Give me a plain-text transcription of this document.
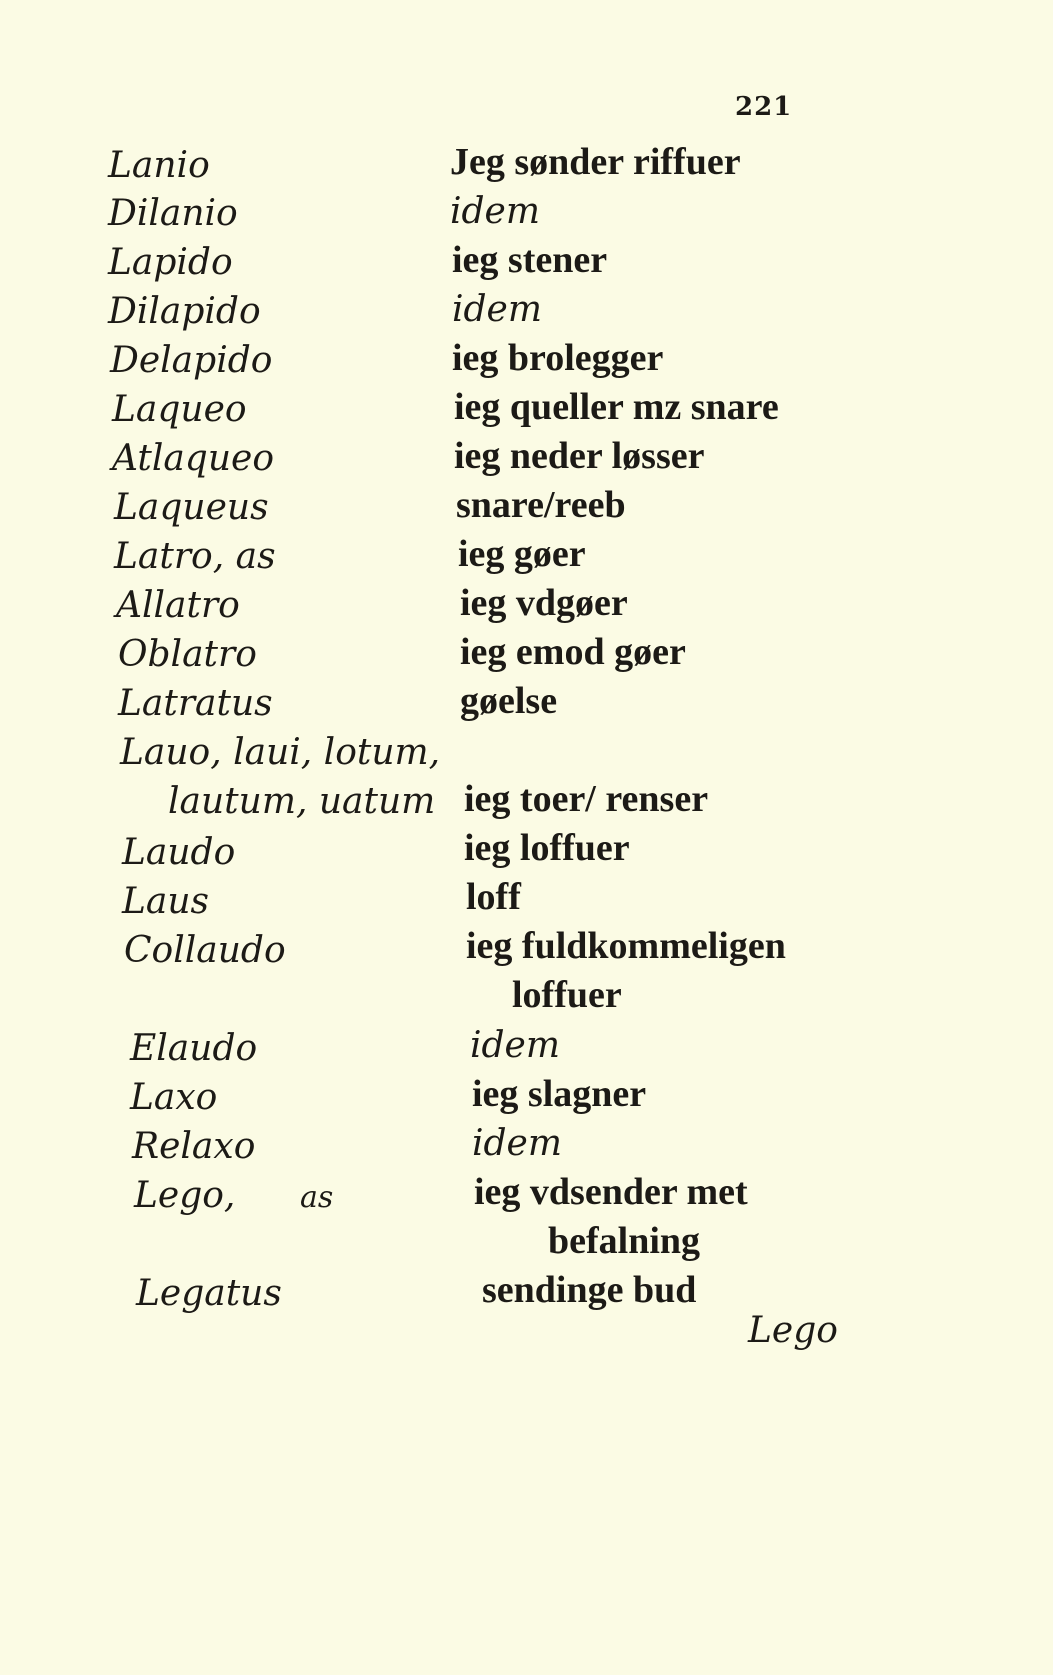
221
Lanio
Dilanio
Lapido
Dilapido
Delapido
Laqueo
Atlaqueo
Laqueus
Latro, as
Allatro
Oblatro
Latratus
Lauo, laui, lotum,
lautum, uatum
Laudo
Laus
Collaudo
Elaudo
Laxo
Relaxo
Lego, as
Legatus
Jeg sønder riffuer
idem
ieg stener
idem
ieg brolegger
ieg queller mz snare
ieg neder løsser
snare/reeb
ieg gøer
ieg vdgøer
ieg emod gøer
gøelse
ieg toer/ renser
ieg loffuer
loff
ieg fuldkommeligen
loffuer
idem
ieg slagner
idem
ieg vdsender met
befalning
sendinge bud
Lego
